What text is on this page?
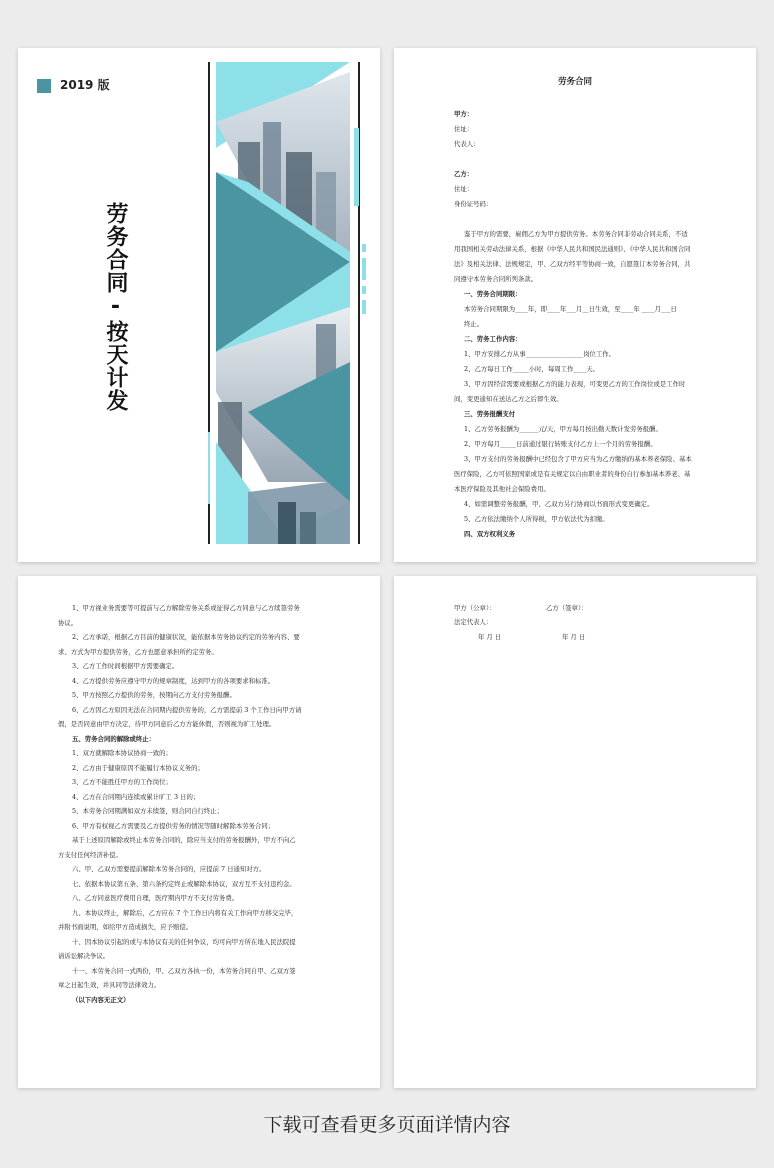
2019 版
劳务合同-按天计发
劳务合同
甲方：
住址：
代表人：
乙方：
住址：
身份证号码：
鉴于甲方的需要，雇佣乙方为甲方提供劳务。本劳务合同非劳动合同关系，不适
用我国相关劳动法律关系，根据《中华人民共和国民法通则》、《中华人民共和国合同
法》及相关法律、法规规定，甲、乙双方经平等协商一致，自愿签订本劳务合同，共
同遵守本劳务合同所列条款。
一、劳务合同期限：
本劳务合同期限为____年，即____年___月__日生效，至____年 ____月___日
终止。
二、劳务工作内容：
1、甲方安排乙方从事__________________岗位工作。
2、乙方每日工作_____小时，每周工作____天。
3、甲方因经营需要或根据乙方的能力表现，可变更乙方的工作岗位或是工作时
间，变更通知在送达乙方之后即生效。
三、劳务报酬支付
1、乙方劳务报酬为______元/天，甲方每月按出勤天数计发劳务报酬。
2、甲方每月_____日前通过银行转账支付乙方上一个月的劳务报酬。
3、甲方支付的劳务报酬中已经包含了甲方应当为乙方缴纳的基本养老保险、基本
医疗保险，乙方可依照国家或是有关规定以自由职业者的身份自行参加基本养老、基
本医疗保险及其他社会保险费用。
4、如需调整劳务报酬，甲、乙双方另行协商以书面形式变更确定。
5、乙方依法缴纳个人所得税，甲方依法代为扣缴。
四、双方权利义务
1、甲方视业务需要等可提前与乙方解除劳务关系或征得乙方同意与乙方续签劳务
协议。
2、乙方承诺，根据乙方目前的健康状况，能依据本劳务协议约定的劳务内容、要
求、方式为甲方提供劳务，乙方也愿意承担所约定劳务。
3、乙方工作时间根据甲方需要确定。
4、乙方提供劳务应遵守甲方的规章制度，达到甲方的各项要求和标准。
5、甲方按照乙方提供的劳务，按期向乙方支付劳务报酬。
6、乙方因乙方原因无法在合同期内提供劳务的，乙方需提前 3 个工作日向甲方请
假，是否同意由甲方决定，待甲方同意后乙方方能休假，否则视为旷工处理。
五、劳务合同的解除或终止：
1、双方就解除本协议协商一致的；
2、乙方由于健康原因不能履行本协议义务的；
3、乙方不能胜任甲方的工作岗位；
4、乙方在合同期内连续或累计旷工 3 日的；
5、本劳务合同期满如双方未续签，则合同自行终止；
6、甲方有权视乙方需要及乙方提供劳务的情况等随时解除本劳务合同；
基于上述原因解除或终止本劳务合同的，除应当支付的劳务报酬外，甲方不向乙
方支付任何经济补偿。
六、甲、乙双方需要提前解除本劳务合同的，应提前 7 日通知对方。
七、依据本协议第五条、第六条约定终止或解除本协议，双方互不支付违约金。
八、乙方同意医疗费用自理，医疗期内甲方不支付劳务费。
九、本协议终止，解除后，乙方应在 7 个工作日内将有关工作向甲方移交完毕，
并附书面说明，如给甲方造成损失，应予赔偿。
十、因本协议引起的或与本协议有关的任何争议，均可向甲方所在地人民法院提
请诉讼解决争议。
十一、本劳务合同一式两份，甲、乙双方各执一份，本劳务合同自甲、乙双方签
章之日起生效，并具同等法律效力。
（以下内容无正文）
甲方（公章）：	乙方（签章）：
法定代表人：
年 月 日	年 月 日
下载可查看更多页面详情内容
